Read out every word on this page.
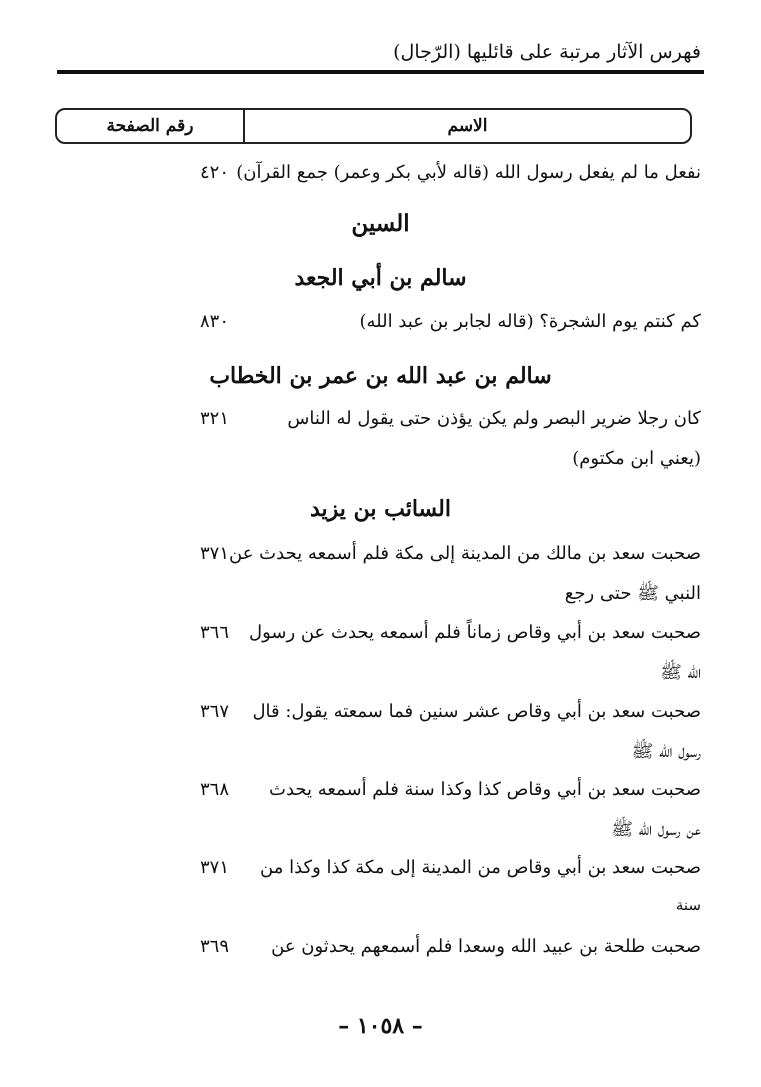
فهرس الآثار مرتبة على قائليها (الرّجال)
الاسم
رقم الصفحة
نفعل ما لم يفعل رسول الله (قاله لأبي بكر وعمر) جمع القرآن)
٤٢٠
السين
سالم بن أبي الجعد
كم كنتم يوم الشجرة؟ (قاله لجابر بن عبد الله)
٨٣٠
سالم بن عبد الله بن عمر بن الخطاب
كان رجلا ضرير البصر ولم يكن يؤذن حتى يقول له الناس
٣٢١
(يعني ابن مكتوم)
السائب بن يزيد
صحبت سعد بن مالك من المدينة إلى مكة فلم أسمعه يحدث عن
٣٧١
النبي ﷺ حتى رجع
صحبت سعد بن أبي وقاص زماناً فلم أسمعه يحدث عن رسول
٣٦٦
الله ﷺ
صحبت سعد بن أبي وقاص عشر سنين فما سمعته يقول: قال
٣٦٧
رسول الله ﷺ
صحبت سعد بن أبي وقاص كذا وكذا سنة فلم أسمعه يحدث
٣٦٨
عن رسول الله ﷺ
صحبت سعد بن أبي وقاص من المدينة إلى مكة كذا وكذا من
٣٧١
سنة
صحبت طلحة بن عبيد الله وسعدا فلم أسمعهم يحدثون عن
٣٦٩
– ١٠٥٨ –
